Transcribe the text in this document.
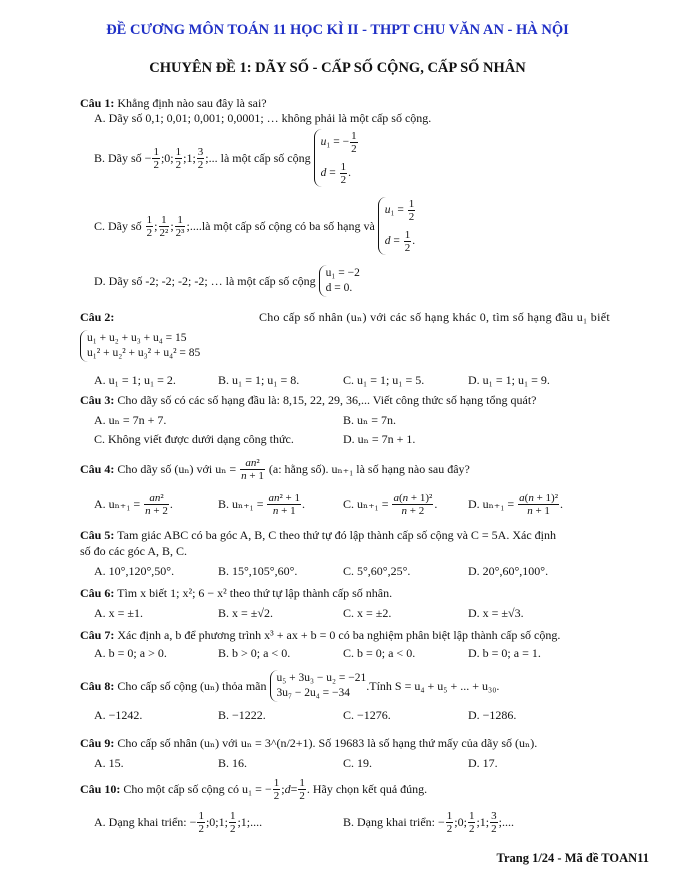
ĐỀ CƯƠNG MÔN TOÁN 11 HỌC KÌ II - THPT CHU VĂN AN - HÀ NỘI
CHUYÊN ĐỀ 1: DÃY SỐ - CẤP SỐ CỘNG, CẤP SỐ NHÂN
Câu 1: Khẳng định nào sau đây là sai?
A. Dãy số 0,1; 0,01; 0,001; 0,0001; … không phải là một cấp số cộng.
B. Dãy số
− $\frac{1}{2}$ ;0; $\frac{1}{2}$ ;1; $\frac{3}{2}$ ;... là một cấp số cộng

u₁ = − $\frac{1}{2}$
$d = \frac{1}{2}$ .
C. Dãy số
$\frac{1}{2}$ ; $\frac{1}{\text{2²}}$ ; $\frac{1}{\text{2³}}$ ;.... là một cấp số cộng có ba số hạng và

$u_1 = \frac{1}{2}$
$d = \frac{1}{2}$ .
D. Dãy số -2; -2; -2; -2; … là một cấp số cộng

u₁ = −2
d = 0.
Câu 2:	Cho cấp số nhân (uₙ) với các số hạng khác 0, tìm số hạng đầu u₁ biết
u₁ + u₂ + u₃ + u₄ = 15
u₁² + u₂² + u₃² + u₄² = 85
A. u₁ = 1; u₁ = 2.	B. u₁ = 1; u₁ = 8.	C. u₁ = 1; u₁ = 5.	D. u₁ = 1; u₁ = 9.
Câu 3: Cho dãy số có các số hạng đầu là: 8,15, 22, 29, 36,... Viết công thức số hạng tổng quát?
A. uₙ = 7n + 7.	B. uₙ = 7n.
C. Không viết được dưới dạng công thức.	D. uₙ = 7n + 1.
Câu 4:
Cho dãy số (uₙ) với uₙ =
$\frac{\text{an²}}{n + 1}$
(a: hằng số). uₙ₊₁ là số hạng nào sau đây?
A. uₙ₊₁ =
$\frac{\text{an²}}{n + 2}$ .	B. uₙ₊₁ =
$\frac{\text{an² + 1}}{n + 1}$ .	C. uₙ₊₁ =
$\frac{\text{a(n + 1)²}}{n + 2}$ .	D. uₙ₊₁ =
$\frac{\text{a(n + 1)²}}{n + 1}$ .
Câu 5: Tam giác ABC có ba góc A, B, C theo thứ tự đó lập thành cấp số cộng và C = 5A. Xác định
số đo các góc A, B, C.
A. 10°,120°,50°.	B. 15°,105°,60°.	C. 5°,60°,25°.	D. 20°,60°,100°.
Câu 6: Tìm x biết 1; x²; 6 − x² theo thứ tự lập thành cấp số nhân.
A. x = ±1.	B. x = ±√2.	C. x = ±2.	D. x = ±√3.
Câu 7: Xác định a, b để phương trình x³ + ax + b = 0 có ba nghiệm phân biệt lập thành cấp số cộng.
A. b = 0; a > 0.	B. b > 0; a < 0.	C. b = 0; a < 0.	D. b = 0; a = 1.
Câu 8:
Cho cấp số cộng (uₙ) thỏa mãn

u₅ + 3u₃ − u₂ = −21
3u₇ − 2u₄ = −34
.Tính S = u₄ + u₅ + ... + u₃₀.
A. −1242.	B. −1222.	C. −1276.	D. −1286.
Câu 9: Cho cấp số nhân (uₙ) với uₙ = 3^(n/2+1). Số 19683 là số hạng thứ mấy của dãy số (uₙ).
A. 15.	B. 16.	C. 19.	D. 17.
Câu 10:
Cho một cấp số cộng có u₁ = − $\frac{1}{2}$ ; $d = \frac{1}{2}$ . Hãy chọn kết quả đúng.
A. Dạng khai triển: − $\frac{1}{2}$ ;0;1; $\frac{1}{2}$ ;1;....	B. Dạng khai triển: − $\frac{1}{2}$ ;0; $\frac{1}{2}$ ;1; $\frac{3}{2}$ ;....
Trang 1/24 - Mã đề TOAN11
